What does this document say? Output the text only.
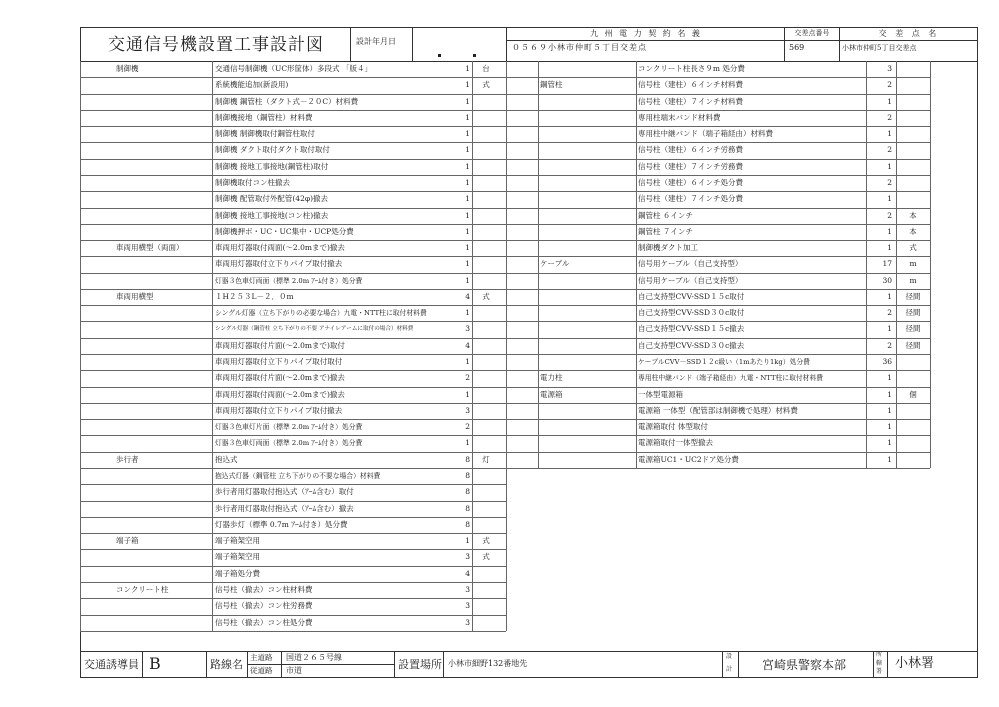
交通信号機設置工事設計図	設計年月日
九 州 電 力 契 約 名 義
０５６９小林市仲町５丁目交差点
交差点番号
569
交 差 点 名
小林市仲町5丁目交差点
制御機	交通信号制御機（UC形筐体）多段式 「版４」	1	台
系統機能追加(新設用)	1	式
制御機 鋼管柱（ダクト式－２０C）材料費	1
制御機接地（鋼管柱）材料費	1
制御機 制御機取付鋼管柱取付	1
制御機 ダクト取付ダクト取付取付	1
制御機 接地工事接地(鋼管柱)取付	1
制御機取付コン柱撤去	1
制御機 配管取付外配管(42φ)撤去	1
制御機 接地工事接地(コン柱)撤去	1
制御機押ボ・UC・UC集中・UCP処分費	1
車両用横型（両面）	車両用灯器取付両面(～2.0mまで)撤去	1
車両用灯器取付立下りパイプ取付撤去	1
灯器３色車灯両面（標準 2.0m ｱｰﾑ付き）処分費	1
車両用横型	１H２５３L－２．０m	4	式
シングル灯器（立ち下がりの必要な場合）九電・NTT柱に取付材料費	1
シングル灯器（鋼管柱 立ち下がりの不要 アナイレアームに取付の場合）材料費	3
車両用灯器取付片面(～2.0mまで)取付	4
車両用灯器取付立下りパイプ取付取付	1
車両用灯器取付片面(～2.0mまで)撤去	2
車両用灯器取付両面(～2.0mまで)撤去	1
車両用灯器取付立下りパイプ取付撤去	3
灯器３色車灯片面（標準 2.0m ｱｰﾑ付き）処分費	2
灯器３色車灯両面（標準 2.0m ｱｰﾑ付き）処分費	1
歩行者	抱込式	8	灯
抱込式灯器（鋼管柱 立ち下がりの不要な場合）材料費	8
歩行者用灯器取付抱込式（ｱｰﾑ含む）取付	8
歩行者用灯器取付抱込式（ｱｰﾑ含む）撤去	8
灯器歩灯（標準 0.7m ｱｰﾑ付き）処分費	8
端子箱	端子箱架空用	1	式
端子箱架空用	3	式
端子箱処分費	4
コンクリート柱	信号柱（撤去）コン柱材料費	3
信号柱（撤去）コン柱労務費	3
信号柱（撤去）コン柱処分費	3
コンクリート柱長さ９m 処分費	3
鋼管柱	信号柱（建柱）６インチ材料費	2
信号柱（建柱）７インチ材料費	1
専用柱端末バンド材料費	2
専用柱中継バンド（端子箱経由）材料費	1
信号柱（建柱）６インチ労務費	2
信号柱（建柱）７インチ労務費	1
信号柱（建柱）６インチ処分費	2
信号柱（建柱）７インチ処分費	1
鋼管柱 ６インチ	2	本
鋼管柱 ７インチ	1	本
制御機ダクト加工	1	式
ケーブル	信号用ケーブル（自己支持型）	17	m
信号用ケーブル（自己支持型）	30	m
自己支持型CVV-SSD１５c取付	1	径間
自己支持型CVV-SSD３０c取付	2	径間
自己支持型CVV-SSD１５c撤去	1	径間
自己支持型CVV-SSD３０c撤去	2	径間
ケーブルCVV－SSD１２c級い（1mあたり1kg）処分費	36
電力柱	専用柱中継バンド（端子箱経由）九電・NTT柱に取付材料費	1
電源箱	一体型電源箱	1	個
電源箱 一体型（配管部は制御機で処理）材料費	1
電源箱取付 体型取付	1
電源箱取付一体型撤去	1
電源箱UC1・UC2ドア処分費	1
交通誘導員 B	路線名
主道路
従道路
国道２６５号線
市道	設置場所 小林市細野132番地先
設
計	宮崎県警察本部
所轄署
小林署
